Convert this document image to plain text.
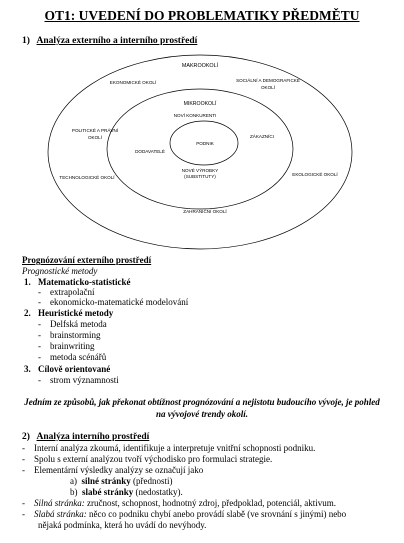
OT1: UVEDENÍ DO PROBLEMATIKY PŘEDMĚTU
1) Analýza externího a interního prostředí
MAKROOKOLÍ
EKONOMICKÉ OKOLÍ	SOCIÁLNÍ A DEMOGRAFICKÉ
OKOLÍ
MIKROOKOLÍ
NOVÍ KONKURENTI
POLITICKÉ A PRÁVNÍ
OKOLÍ
PODNIK
ZÁKAZNÍCI
DODAVATELÉ
NOVÉ VÝROBKY
(SUBSTITUTY)
TECHNOLOGICKÉ OKOLÍ
EKOLOGICKÉ OKOLÍ
ZAHRANIČNÍ OKOLÍ
Prognózování externího prostředí
Prognostické metody
1. Matematicko-statistické
-    extrapolační
-    ekonomicko-matematické modelování
2. Heuristické metody
-    Delfská metoda
-    brainstorming
-    brainwriting
-    metoda scénářů
3. Cílově orientované
-    strom významnosti
Jedním ze způsobů, jak překonat obtížnost prognózování a nejistotu budoucího vývoje, je pohled na vývojové trendy okolí.
2) Analýza interního prostředí
-    Interní analýza zkoumá, identifikuje a interpretuje vnitřní schopnosti podniku.
-    Spolu s externí analýzou tvoří východisko pro formulaci strategie.
-    Elementární výsledky analýzy se označují jako
a) silné stránky (přednosti)
b) slabé stránky (nedostatky).
-    Silná stránka: zručnost, schopnost, hodnotný zdroj, předpoklad, potenciál, aktivum.
-    Slabá stránka: něco co podniku chybí anebo provádí slabě (ve srovnání s jinými) nebo
nějaká podmínka, která ho uvádí do nevýhody.
